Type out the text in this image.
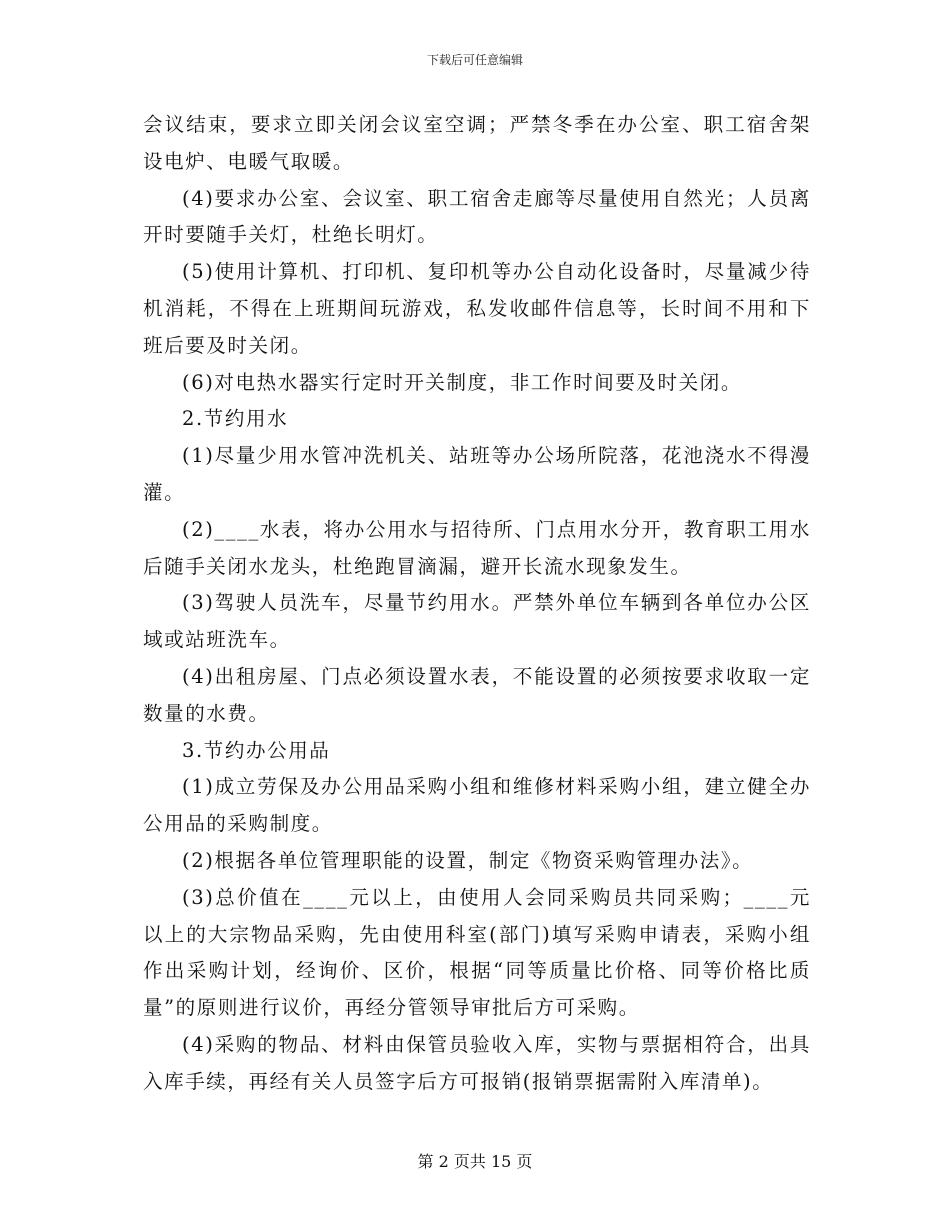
下载后可任意编辑

会议结束，要求立即关闭会议室空调；严禁冬季在办公室、职工宿舍架设电炉、电暖气取暖。

(4)要求办公室、会议室、职工宿舍走廊等尽量使用自然光；人员离开时要随手关灯，杜绝长明灯。

(5)使用计算机、打印机、复印机等办公自动化设备时，尽量减少待机消耗，不得在上班期间玩游戏，私发收邮件信息等，长时间不用和下班后要及时关闭。

(6)对电热水器实行定时开关制度，非工作时间要及时关闭。

2.节约用水

(1)尽量少用水管冲洗机关、站班等办公场所院落，花池浇水不得漫灌。

(2)____水表，将办公用水与招待所、门点用水分开，教育职工用水后随手关闭水龙头，杜绝跑冒滴漏，避开长流水现象发生。

(3)驾驶人员洗车，尽量节约用水。严禁外单位车辆到各单位办公区域或站班洗车。

(4)出租房屋、门点必须设置水表，不能设置的必须按要求收取一定数量的水费。

3.节约办公用品

(1)成立劳保及办公用品采购小组和维修材料采购小组，建立健全办公用品的采购制度。

(2)根据各单位管理职能的设置，制定《物资采购管理办法》。

(3)总价值在____元以上，由使用人会同采购员共同采购；____元以上的大宗物品采购，先由使用科室(部门)填写采购申请表，采购小组作出采购计划，经询价、区价，根据“同等质量比价格、同等价格比质量”的原则进行议价，再经分管领导审批后方可采购。

(4)采购的物品、材料由保管员验收入库，实物与票据相符合，出具入库手续，再经有关人员签字后方可报销(报销票据需附入库清单)。

第 2 页共 15 页
